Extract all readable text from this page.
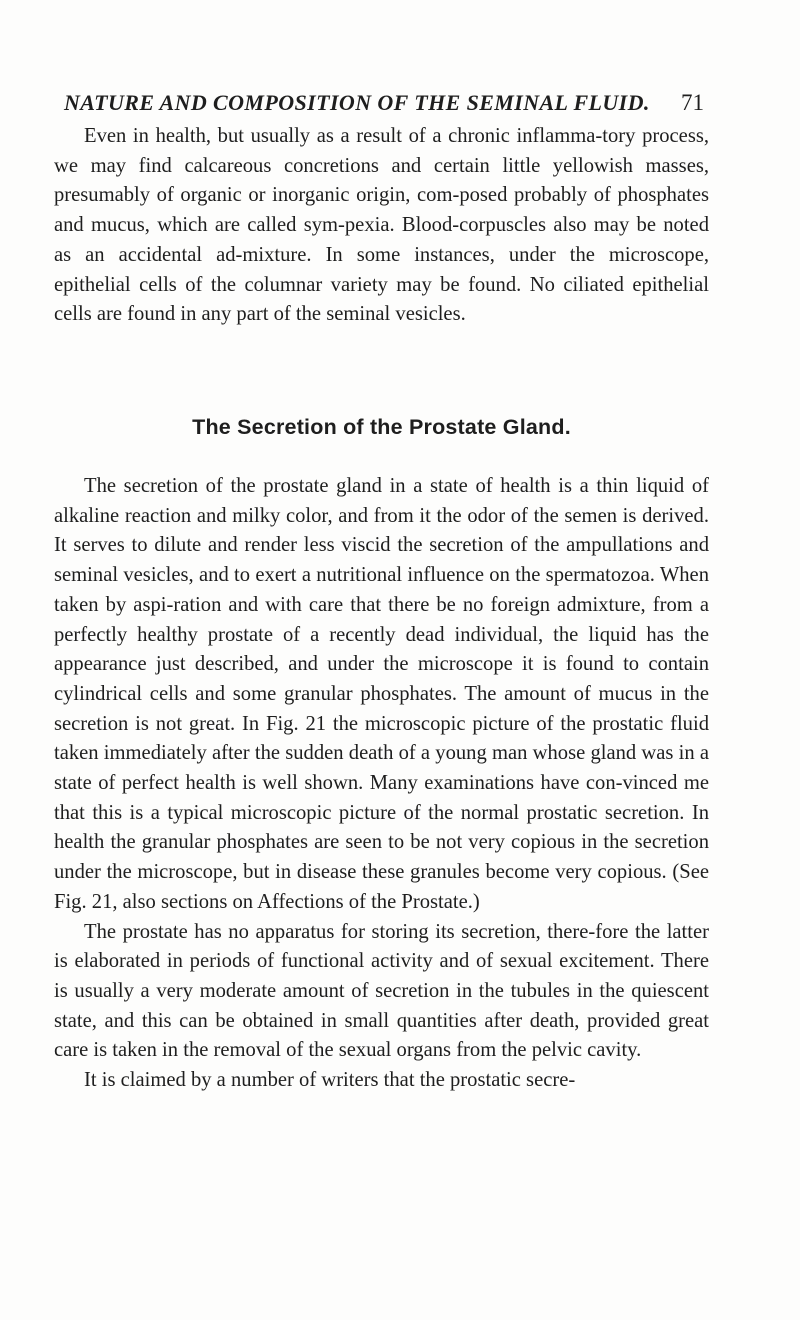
NATURE AND COMPOSITION OF THE SEMINAL FLUID. 71

Even in health, but usually as a result of a chronic inflamma-tory process, we may find calcareous concretions and certain little yellowish masses, presumably of organic or inorganic origin, com-posed probably of phosphates and mucus, which are called sym-pexia. Blood-corpuscles also may be noted as an accidental ad-mixture. In some instances, under the microscope, epithelial cells of the columnar variety may be found. No ciliated epithelial cells are found in any part of the seminal vesicles.

The Secretion of the Prostate Gland.

The secretion of the prostate gland in a state of health is a thin liquid of alkaline reaction and milky color, and from it the odor of the semen is derived. It serves to dilute and render less viscid the secretion of the ampullations and seminal vesicles, and to exert a nutritional influence on the spermatozoa. When taken by aspi-ration and with care that there be no foreign admixture, from a perfectly healthy prostate of a recently dead individual, the liquid has the appearance just described, and under the microscope it is found to contain cylindrical cells and some granular phosphates. The amount of mucus in the secretion is not great. In Fig. 21 the microscopic picture of the prostatic fluid taken immediately after the sudden death of a young man whose gland was in a state of perfect health is well shown. Many examinations have con-vinced me that this is a typical microscopic picture of the normal prostatic secretion. In health the granular phosphates are seen to be not very copious in the secretion under the microscope, but in disease these granules become very copious. (See Fig. 21, also sections on Affections of the Prostate.)

The prostate has no apparatus for storing its secretion, there-fore the latter is elaborated in periods of functional activity and of sexual excitement. There is usually a very moderate amount of secretion in the tubules in the quiescent state, and this can be obtained in small quantities after death, provided great care is taken in the removal of the sexual organs from the pelvic cavity.

It is claimed by a number of writers that the prostatic secre-
